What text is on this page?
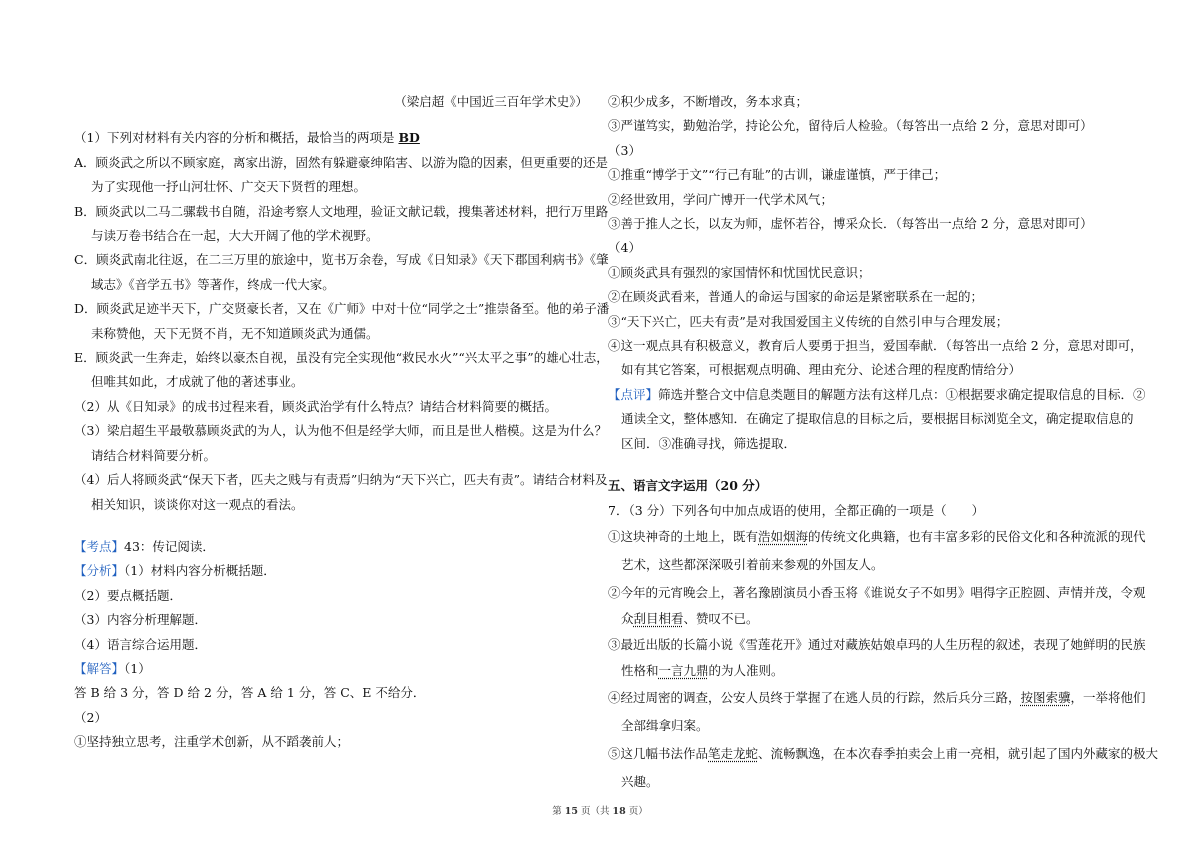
（梁启超《中国近三百年学术史》）
（1）下列对材料有关内容的分析和概括，最恰当的两项是 BD
A．顾炎武之所以不顾家庭，离家出游，固然有躲避豪绅陷害、以游为隐的因素，但更重要的还是
为了实现他一抒山河壮怀、广交天下贤哲的理想。
B．顾炎武以二马二骡载书自随，沿途考察人文地理，验证文献记载，搜集著述材料，把行万里路
与读万卷书结合在一起，大大开阔了他的学术视野。
C．顾炎武南北往返，在二三万里的旅途中，览书万余卷，写成《日知录》《天下郡国利病书》《肇
域志》《音学五书》等著作，终成一代大家。
D．顾炎武足迹半天下，广交贤豪长者，又在《广师》中对十位“同学之士”推崇备至。他的弟子潘
耒称赞他，天下无贤不肖，无不知道顾炎武为通儒。
E．顾炎武一生奔走，始终以豪杰自视，虽没有完全实现他“救民水火”“兴太平之事”的雄心壮志，
但唯其如此，才成就了他的著述事业。
（2）从《日知录》的成书过程来看，顾炎武治学有什么特点？请结合材料简要的概括。
（3）梁启超生平最敬慕顾炎武的为人，认为他不但是经学大师，而且是世人楷模。这是为什么？
请结合材料简要分析。
（4）后人将顾炎武“保天下者，匹夫之贱与有责焉”归纳为“天下兴亡，匹夫有责”。请结合材料及
相关知识，谈谈你对这一观点的看法。
【考点】43：传记阅读．
【分析】（1）材料内容分析概括题．
（2）要点概括题．
（3）内容分析理解题．
（4）语言综合运用题．
【解答】（1）
答 B 给 3 分，答 D 给 2 分，答 A 给 1 分，答 C、E 不给分．
（2）
①坚持独立思考，注重学术创新，从不蹈袭前人；
②积少成多，不断增改，务本求真；
③严谨笃实，勤勉治学，持论公允，留待后人检验。（每答出一点给 2 分，意思对即可）
（3）
①推重“博学于文”“行己有耻”的古训，谦虚谨慎，严于律己；
②经世致用，学问广博开一代学术风气；
③善于推人之长，以友为师，虚怀若谷，博采众长．（每答出一点给 2 分，意思对即可）
（4）
①顾炎武具有强烈的家国情怀和忧国忧民意识；
②在顾炎武看来，普通人的命运与国家的命运是紧密联系在一起的；
③“天下兴亡，匹夫有责”是对我国爱国主义传统的自然引申与合理发展；
④这一观点具有积极意义，教育后人要勇于担当，爱国奉献．（每答出一点给 2 分，意思对即可，
如有其它答案，可根据观点明确、理由充分、论述合理的程度酌情给分）
【点评】筛选并整合文中信息类题目的解题方法有这样几点：①根据要求确定提取信息的目标．②
通读全文，整体感知．在确定了提取信息的目标之后，要根据目标浏览全文，确定提取信息的
区间．③准确寻找，筛选提取．
五、语言文字运用（20 分）
7．（3 分）下列各句中加点成语的使用，全都正确的一项是（　　）
①这块神奇的土地上，既有浩如烟海的传统文化典籍，也有丰富多彩的民俗文化和各种流派的现代
艺术，这些都深深吸引着前来参观的外国友人。
②今年的元宵晚会上，著名豫剧演员小香玉将《谁说女子不如男》唱得字正腔圆、声情并茂，令观
众刮目相看、赞叹不已。
③最近出版的长篇小说《雪莲花开》通过对藏族姑娘卓玛的人生历程的叙述，表现了她鲜明的民族
性格和一言九鼎的为人准则。
④经过周密的调查，公安人员终于掌握了在逃人员的行踪，然后兵分三路，按图索骥，一举将他们
全部缉拿归案。
⑤这几幅书法作品笔走龙蛇、流畅飘逸，在本次春季拍卖会上甫一亮相，就引起了国内外藏家的极大
兴趣。
第 15 页（共 18 页）
